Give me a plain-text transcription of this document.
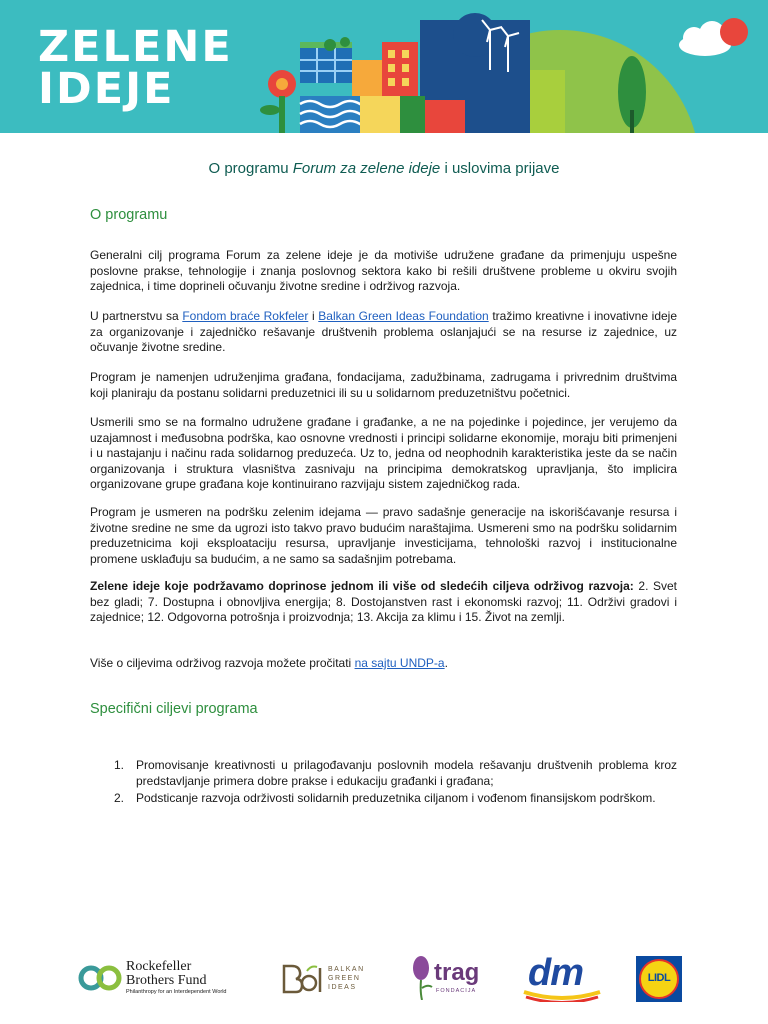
ZELENE
IDEJE
O programu Forum za zelene ideje i uslovima prijave
O programu

Generalni cilj programa Forum za zelene ideje je da motiviše udružene građane da primenjuju uspešne poslovne prakse, tehnologije i znanja poslovnog sektora kako bi rešili društvene probleme u okviru svojih zajednica, i time doprineli očuvanju životne sredine i održivog razvoja.

U partnerstvu sa Fondom braće Rokfeler i Balkan Green Ideas Foundation tražimo kreativne i inovativne ideje za organizovanje i zajedničko rešavanje društvenih problema oslanjajući se na resurse iz zajednice, uz očuvanje životne sredine.

Program je namenjen udruženjima građana, fondacijama, zadužbinama, zadrugama i privrednim društvima koji planiraju da postanu solidarni preduzetnici ili su u solidarnom preduzetništvu početnici.

Usmerili smo se na formalno udružene građane i građanke, a ne na pojedinke i pojedince, jer verujemo da uzajamnost i međusobna podrška, kao osnovne vrednosti i principi solidarne ekonomije, moraju biti primenjeni i u nastajanju i načinu rada solidarnog preduzeća. Uz to, jedna od neophodnih karakteristika jeste da se način organizovanja i struktura vlasništva zasnivaju na principima demokratskog upravljanja, što implicira organizovane grupe građana koje kontinuirano razvijaju sistem zajedničkog rada.

Program je usmeren na podršku zelenim idejama — pravo sadašnje generacije na iskorišćavanje resursa i životne sredine ne sme da ugrozi isto takvo pravo budućim naraštajima. Usmereni smo na podršku solidarnim preduzetnicima koji eksploataciju resursa, upravljanje investicijama, tehnološki razvoj i institucionalne promene usklađuju sa budućim, a ne samo sa sadašnjim potrebama.

Zelene ideje koje podržavamo doprinose jednom ili više od sledećih ciljeva održivog razvoja: 2. Svet bez gladi; 7. Dostupna i obnovljiva energija; 8. Dostojanstven rast i ekonomski razvoj; 11. Održivi gradovi i zajednice; 12. Odgovorna potrošnja i proizvodnja; 13. Akcija za klimu i 15. Život na zemlji.

Više o ciljevima održivog razvoja možete pročitati na sajtu UNDP-a.

Specifični ciljevi programa
1. Promovisanje kreativnosti u prilagođavanju poslovnih modela rešavanju društvenih problema kroz predstavljanje primera dobre prakse i edukaciju građanki i građana;
2. Podsticanje razvoja održivosti solidarnih preduzetnika ciljanom i vođenom finansijskom podrškom.
Rockefeller
Brothers Fund
Philanthropy for an Interdependent World
BALKAN
GREEN
IDEAS
trag
FONDACIJA dm	LIDL
